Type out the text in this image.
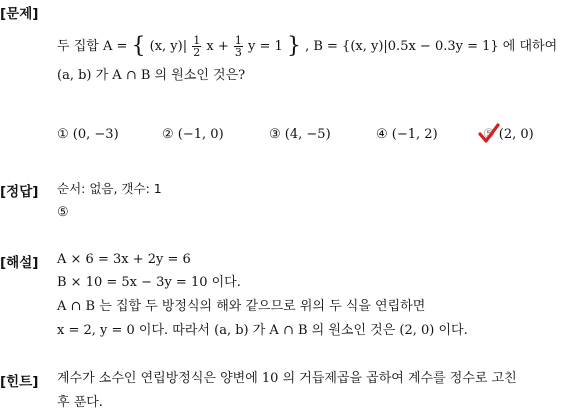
[문제]
두 집합 A = { (x, $y)| \frac{1}{2}$ $x + \frac{1}{3}$ y = 1 } , B = {(x, y)|0.5x − 0.3y = 1} 에 대하여
(a, b) 가 A ∩ B 의 원소인 것은?
① (0, −3)	② (−1, 0)	③ (4, −5)	④ (−1, 2)	⑤ (2, 0)
[정답] 순서: 없음, 갯수: 1
⑤
[해설] A × 6 = 3x + 2y = 6
B × 10 = 5x − 3y = 10 이다.
A ∩ B 는 집합 두 방정식의 해와 같으므로 위의 두 식을 연립하면
x = 2, y = 0 이다. 따라서 (a, b) 가 A ∩ B 의 원소인 것은 (2, 0) 이다.
[힌트] 계수가 소수인 연립방정식은 양변에 10 의 거듭제곱을 곱하여 계수를 정수로 고친
후 푼다.
